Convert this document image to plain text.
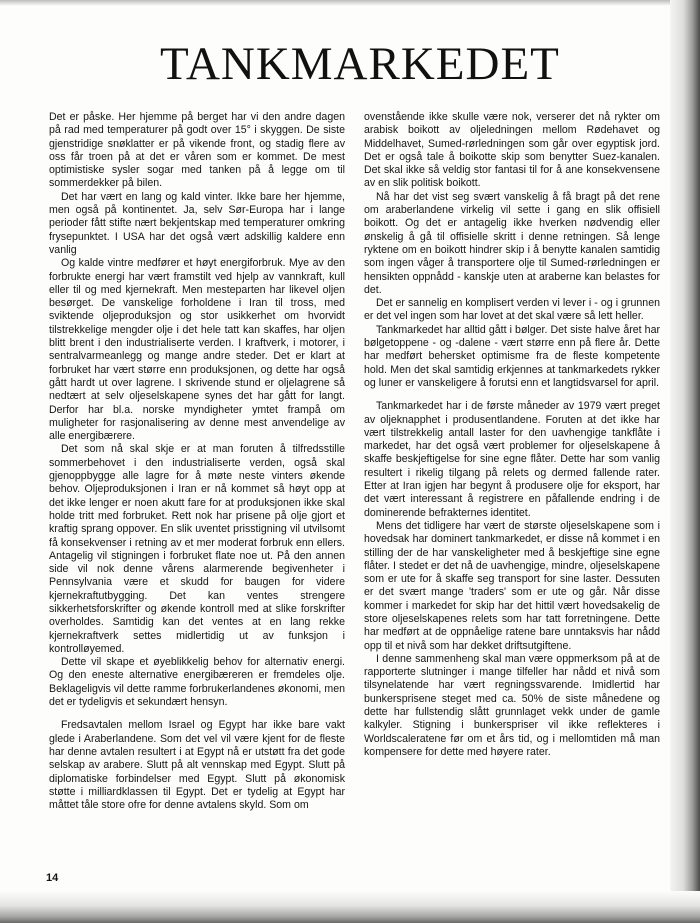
TANKMARKEDET

Det er påske. Her hjemme på berget har vi den andre dagen på rad med temperaturer på godt over 15° i skyggen. De siste gjenstridige snøklatter er på vikende front, og stadig flere av oss får troen på at det er våren som er kommet. De mest optimistiske sysler sogar med tanken på å legge om til sommerdekker på bilen.

Det har vært en lang og kald vinter. Ikke bare her hjemme, men også på kontinentet. Ja, selv Sør-Europa har i lange perioder fått stifte nært bekjentskap med temperaturer omkring frysepunktet. I USA har det også vært adskillig kaldere enn vanlig

Og kalde vintre medfører et høyt energiforbruk. Mye av den forbrukte energi har vært framstilt ved hjelp av vannkraft, kull eller til og med kjernekraft. Men mesteparten har likevel oljen besørget. De vanskelige forholdene i Iran til tross, med sviktende oljeproduksjon og stor usikkerhet om hvorvidt tilstrekkelige mengder olje i det hele tatt kan skaffes, har oljen blitt brent i den industrialiserte verden. I kraftverk, i motorer, i sentralvarmeanlegg og mange andre steder. Det er klart at forbruket har vært større enn produksjonen, og dette har også gått hardt ut over lagrene. I skrivende stund er oljelagrene så nedtært at selv oljeselskapene synes det har gått for langt. Derfor har bl.a. norske myndigheter ymtet frampå om muligheter for rasjonalisering av denne mest anvendelige av alle energibærere.

Det som nå skal skje er at man foruten å tilfredsstille sommerbehovet i den industrialiserte verden, også skal gjenoppbygge alle lagre for å møte neste vinters økende behov. Oljeproduksjonen i Iran er nå kommet så høyt opp at det ikke lenger er noen akutt fare for at produksjonen ikke skal holde tritt med forbruket. Rett nok har prisene på olje gjort et kraftig sprang oppover. En slik uventet prisstigning vil utvilsomt få konsekvenser i retning av et mer moderat forbruk enn ellers. Antagelig vil stigningen i forbruket flate noe ut. På den annen side vil nok denne vårens alarmerende begivenheter i Pennsylvania være et skudd for baugen for videre kjernekraftutbygging. Det kan ventes strengere sikkerhetsforskrifter og økende kontroll med at slike forskrifter overholdes. Samtidig kan det ventes at en lang rekke kjernekraftverk settes midlertidig ut av funksjon i kontrolløyemed.

Dette vil skape et øyeblikkelig behov for alternativ energi. Og den eneste alternative energibæreren er fremdeles olje. Beklageligvis vil dette ramme forbrukerlandenes økonomi, men det er tydeligvis et sekundært hensyn.

Fredsavtalen mellom Israel og Egypt har ikke bare vakt glede i Araberlandene. Som det vel vil være kjent for de fleste har denne avtalen resultert i at Egypt nå er utstøtt fra det gode selskap av arabere. Slutt på alt vennskap med Egypt. Slutt på diplomatiske forbindelser med Egypt. Slutt på økonomisk støtte i milliardklassen til Egypt. Det er tydelig at Egypt har måttet tåle store ofre for denne avtalens skyld. Som om

ovenstående ikke skulle være nok, verserer det nå rykter om arabisk boikott av oljeledningen mellom Rødehavet og Middelhavet, Sumed-rørledningen som går over egyptisk jord. Det er også tale å boikotte skip som benytter Suez-kanalen. Det skal ikke så veldig stor fantasi til for å ane konsekvensene av en slik politisk boikott.

Nå har det vist seg svært vanskelig å få bragt på det rene om araberlandene virkelig vil sette i gang en slik offisiell boikott. Og det er antagelig ikke hverken nødvendig eller ønskelig å gå til offisielle skritt i denne retningen. Så lenge ryktene om en boikott hindrer skip i å benytte kanalen samtidig som ingen våger å transportere olje til Sumed-rørledningen er hensikten oppnådd - kanskje uten at araberne kan belastes for det.

Det er sannelig en komplisert verden vi lever i - og i grunnen er det vel ingen som har lovet at det skal være så lett heller.

Tankmarkedet har alltid gått i bølger. Det siste halve året har bølgetoppene - og -dalene - vært større enn på flere år. Dette har medført behersket optimisme fra de fleste kompetente hold. Men det skal samtidig erkjennes at tankmarkedets rykker og luner er vanskeligere å forutsi enn et langtidsvarsel for april.

Tankmarkedet har i de første måneder av 1979 vært preget av oljeknapphet i produsentlandene. Foruten at det ikke har vært tilstrekkelig antall laster for den uavhengige tankflåte i markedet, har det også vært problemer for oljeselskapene å skaffe beskjeftigelse for sine egne flåter. Dette har som vanlig resultert i rikelig tilgang på relets og dermed fallende rater. Etter at Iran igjen har begynt å produsere olje for eksport, har det vært interessant å registrere en påfallende endring i de dominerende befrakternes identitet.

Mens det tidligere har vært de største oljeselskapene som i hovedsak har dominert tankmarkedet, er disse nå kommet i en stilling der de har vanskeligheter med å beskjeftige sine egne flåter. I stedet er det nå de uavhengige, mindre, oljeselskapene som er ute for å skaffe seg transport for sine laster. Dessuten er det svært mange 'traders' som er ute og går. Når disse kommer i markedet for skip har det hittil vært hovedsakelig de store oljeselskapenes relets som har tatt forretningene. Dette har medført at de oppnåelige ratene bare unntaksvis har nådd opp til et nivå som har dekket driftsutgiftene.

I denne sammenheng skal man være oppmerksom på at de rapporterte slutninger i mange tilfeller har nådd et nivå som tilsynelatende har vært regningssvarende. Imidlertid har bunkersprisene steget med ca. 50% de siste månedene og dette har fullstendig slått grunnlaget vekk under de gamle kalkyler. Stigning i bunkerspriser vil ikke reflekteres i Worldscaleratene før om et års tid, og i mellomtiden må man kompensere for dette med høyere rater.

14
